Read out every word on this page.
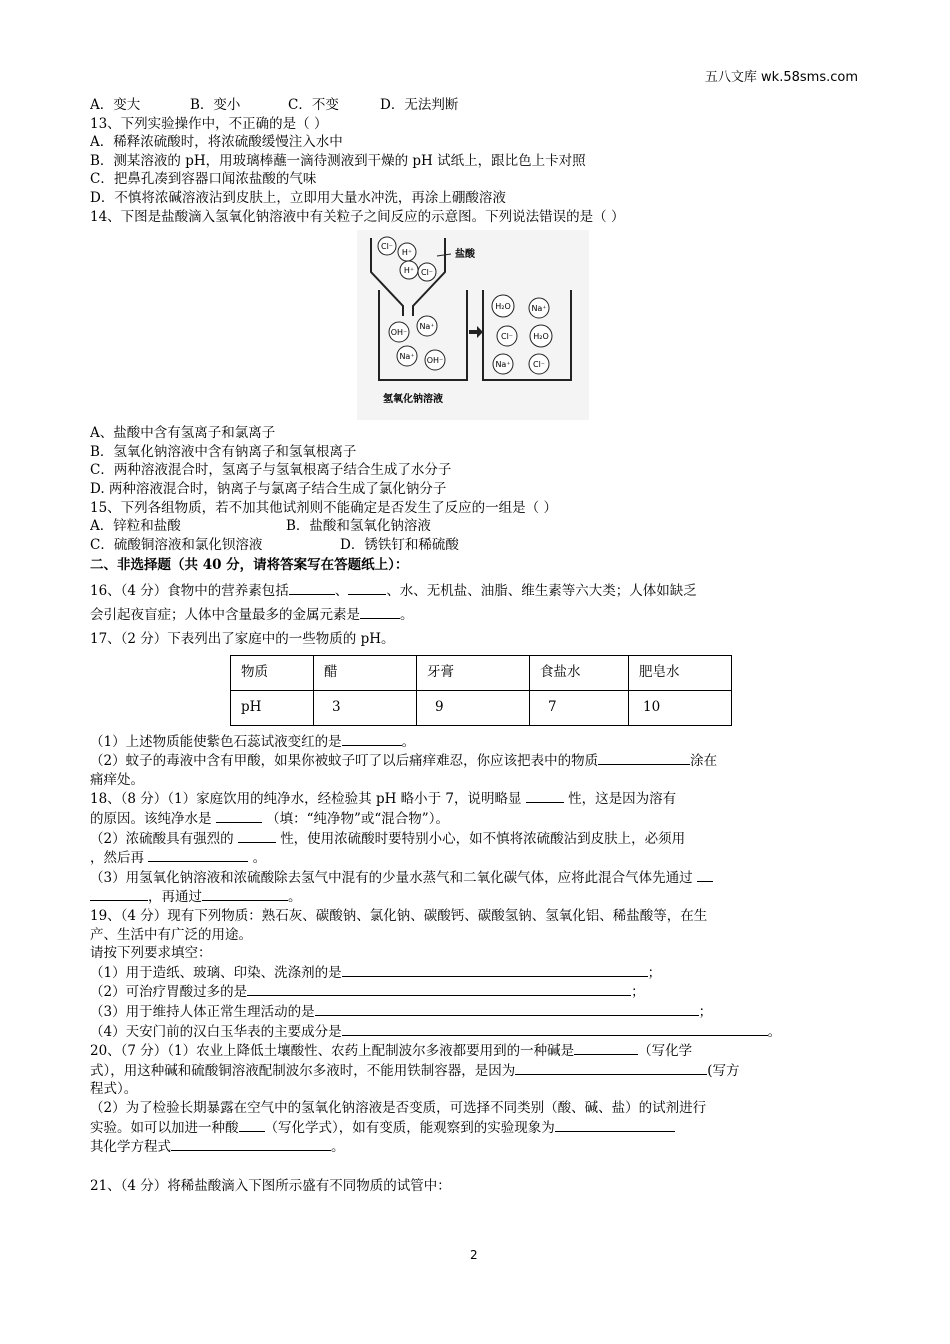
五八文库 wk.58sms.com
A．变大	B．变小	C．不变	D．无法判断
13、下列实验操作中，不正确的是（ ）
A．稀释浓硫酸时，将浓硫酸缓慢注入水中
B．测某溶液的 pH，用玻璃棒蘸一滴待测液到干燥的 pH 试纸上，跟比色上卡对照
C．把鼻孔凑到容器口闻浓盐酸的气味
D．不慎将浓碱溶液沾到皮肤上，立即用大量水冲洗，再涂上硼酸溶液
14、下图是盐酸滴入氢氧化钠溶液中有关粒子之间反应的示意图。下列说法错误的是（ ）
Cl⁻
H⁺
H⁺ Cl⁻
OH⁻
Na⁺
Na⁺ OH⁻
H₂O	Na⁺
Cl⁻	H₂O
Na⁺	Cl⁻
盐酸
氢氧化钠溶液
A、盐酸中含有氢离子和氯离子
B．氢氧化钠溶液中含有钠离子和氢氧根离子
C．两种溶液混合时，氢离子与氢氧根离子结合生成了水分子
D. 两种溶液混合时，钠离子与氯离子结合生成了氯化钠分子
15、下列各组物质，若不加其他试剂则不能确定是否发生了反应的一组是（ ）
A．锌粒和盐酸	B．盐酸和氢氧化钠溶液
C．硫酸铜溶液和氯化钡溶液	D．锈铁钉和稀硫酸
二、非选择题（共 40 分，请将答案写在答题纸上）：
16、（4 分）食物中的营养素包括	、	、水、无机盐、油脂、维生素等六大类；人体如缺乏
会引起夜盲症；人体中含量最多的金属元素是	。
17、（2 分）下表列出了家庭中的一些物质的 pH。
物质	醋	牙膏	食盐水	肥皂水
pH	3	9	7	10
（1）上述物质能使紫色石蕊试液变红的是	。
（2）蚊子的毒液中含有甲酸，如果你被蚊子叮了以后痛痒难忍，你应该把表中的物质	涂在
痛痒处。
18、（8 分）（1）家庭饮用的纯净水，经检验其 pH 略小于 7，说明略显	性，这是因为溶有
的原因。该纯净水是	（填：“纯净物”或“混合物”）。
（2）浓硫酸具有强烈的	性，使用浓硫酸时要特别小心，如不慎将浓硫酸沾到皮肤上，必须用
，然后再	。
（3）用氢氧化钠溶液和浓硫酸除去氢气中混有的少量水蒸气和二氧化碳气体，应将此混合气体先通过
，再通过	。
19、（4 分）现有下列物质：熟石灰、碳酸钠、氯化钠、碳酸钙、碳酸氢钠、氢氧化铝、稀盐酸等，在生
产、生活中有广泛的用途。
请按下列要求填空：
（1）用于造纸、玻璃、印染、洗涤剂的是	；
（2）可治疗胃酸过多的是	；
（3）用于维持人体正常生理活动的是	；
（4）天安门前的汉白玉华表的主要成分是	。
20、（7 分）（1）农业上降低土壤酸性、农药上配制波尔多液都要用到的一种碱是	（写化学
式），用这种碱和硫酸铜溶液配制波尔多液时，不能用铁制容器，是因为	(写方
程式）。
（2）为了检验长期暴露在空气中的氢氧化钠溶液是否变质，可选择不同类别（酸、碱、盐）的试剂进行
实验。如可以加进一种酸 （写化学式），如有变质，能观察到的实验现象为
其化学方程式	。
21、（4 分）将稀盐酸滴入下图所示盛有不同物质的试管中：
2
